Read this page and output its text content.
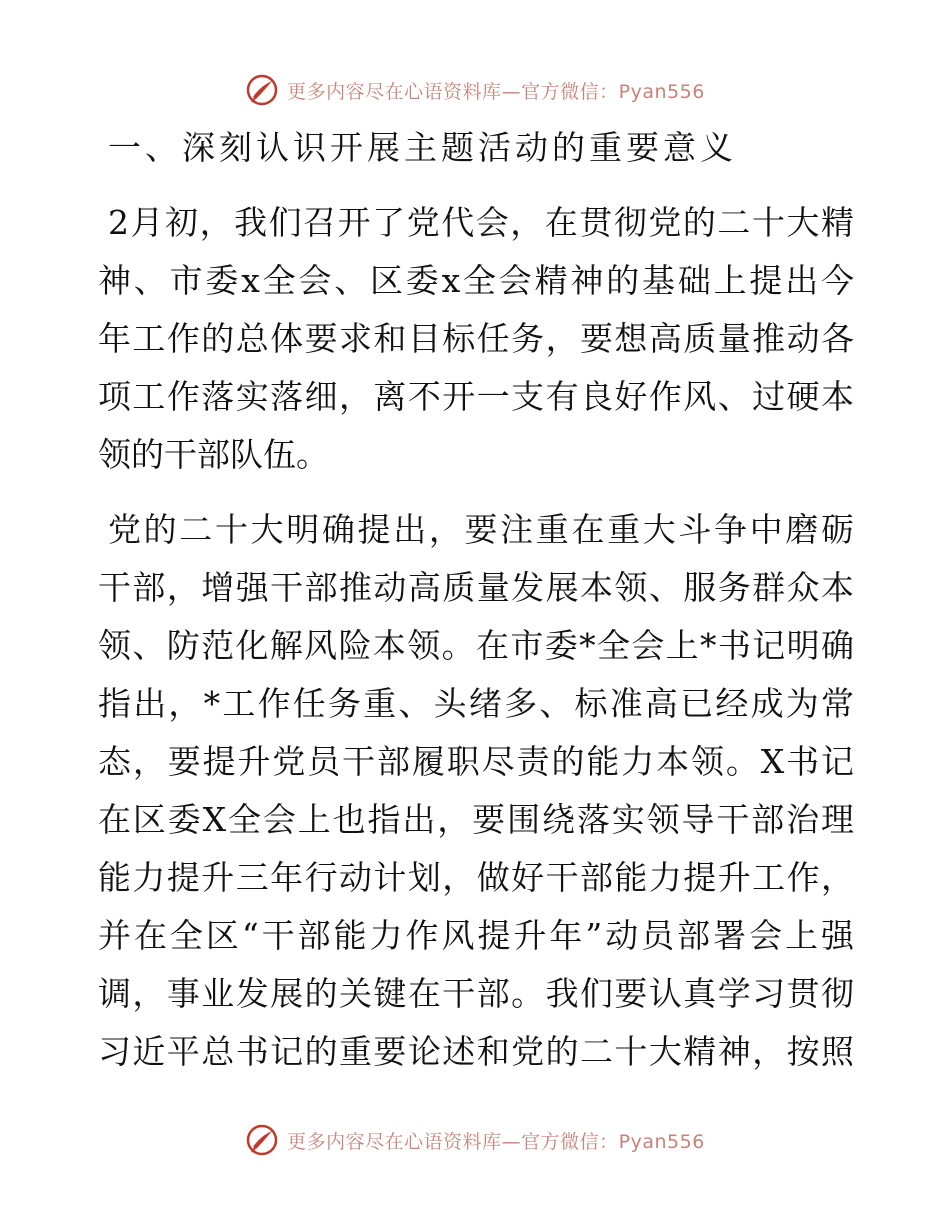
更多内容尽在心语资料库—官方微信：Pyan556
一、深刻认识开展主题活动的重要意义
2月初，我们召开了党代会，在贯彻党的二十大精
神、市委x全会、区委x全会精神的基础上提出今
年工作的总体要求和目标任务，要想高质量推动各
项工作落实落细，离不开一支有良好作风、过硬本
领的干部队伍。
党的二十大明确提出，要注重在重大斗争中磨砺
干部，增强干部推动高质量发展本领、服务群众本
领、防范化解风险本领。在市委*全会上*书记明确
指出，*工作任务重、头绪多、标准高已经成为常
态，要提升党员干部履职尽责的能力本领。X书记
在区委X全会上也指出，要围绕落实领导干部治理
能力提升三年行动计划，做好干部能力提升工作，
并在全区“干部能力作风提升年”动员部署会上强
调，事业发展的关键在干部。我们要认真学习贯彻
习近平总书记的重要论述和党的二十大精神，按照
更多内容尽在心语资料库—官方微信：Pyan556
